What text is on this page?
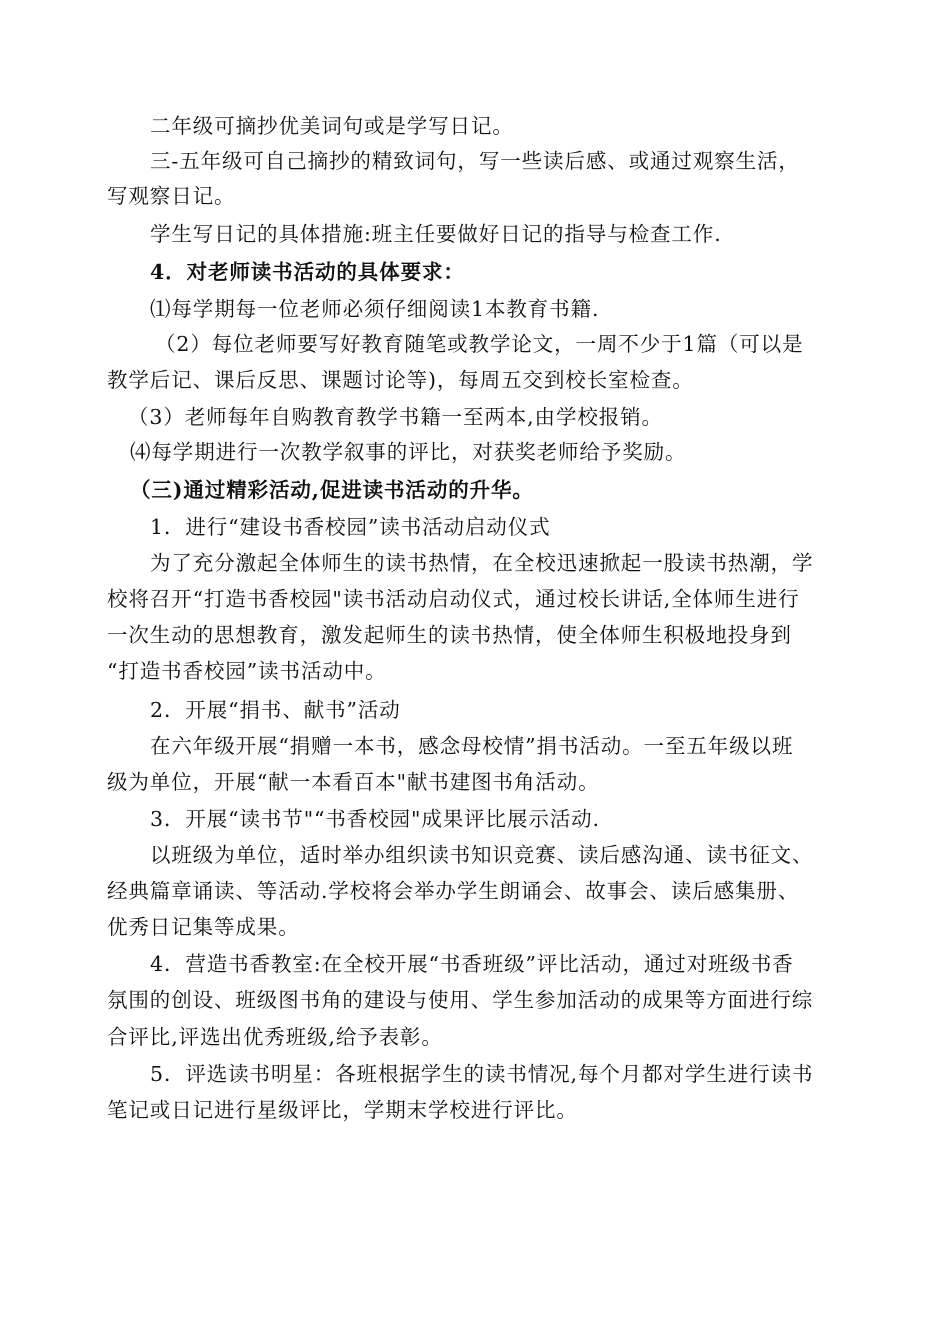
二年级可摘抄优美词句或是学写日记。

三-五年级可自己摘抄的精致词句，写一些读后感、或通过观察生活，

写观察日记。

学生写日记的具体措施:班主任要做好日记的指导与检查工作.

4．对老师读书活动的具体要求：

⑴每学期每一位老师必须仔细阅读1本教育书籍.

（2）每位老师要写好教育随笔或教学论文，一周不少于1篇（可以是

教学后记、课后反思、课题讨论等)，每周五交到校长室检查。

（3）老师每年自购教育教学书籍一至两本,由学校报销。

⑷每学期进行一次教学叙事的评比，对获奖老师给予奖励。

（三)通过精彩活动,促进读书活动的升华。

1．进行“建设书香校园”读书活动启动仪式

为了充分激起全体师生的读书热情，在全校迅速掀起一股读书热潮，学

校将召开“打造书香校园"读书活动启动仪式，通过校长讲话,全体师生进行

一次生动的思想教育，激发起师生的读书热情，使全体师生积极地投身到

“打造书香校园”读书活动中。

2．开展“捐书、献书”活动

在六年级开展“捐赠一本书，感念母校情”捐书活动。一至五年级以班

级为单位，开展“献一本看百本"献书建图书角活动。

3．开展“读书节"“书香校园"成果评比展示活动.

以班级为单位，适时举办组织读书知识竞赛、读后感沟通、读书征文、

经典篇章诵读、等活动.学校将会举办学生朗诵会、故事会、读后感集册、

优秀日记集等成果。

4．营造书香教室:在全校开展“书香班级”评比活动，通过对班级书香

氛围的创设、班级图书角的建设与使用、学生参加活动的成果等方面进行综

合评比,评选出优秀班级,给予表彰。

5．评选读书明星：各班根据学生的读书情况,每个月都对学生进行读书

笔记或日记进行星级评比，学期末学校进行评比。
